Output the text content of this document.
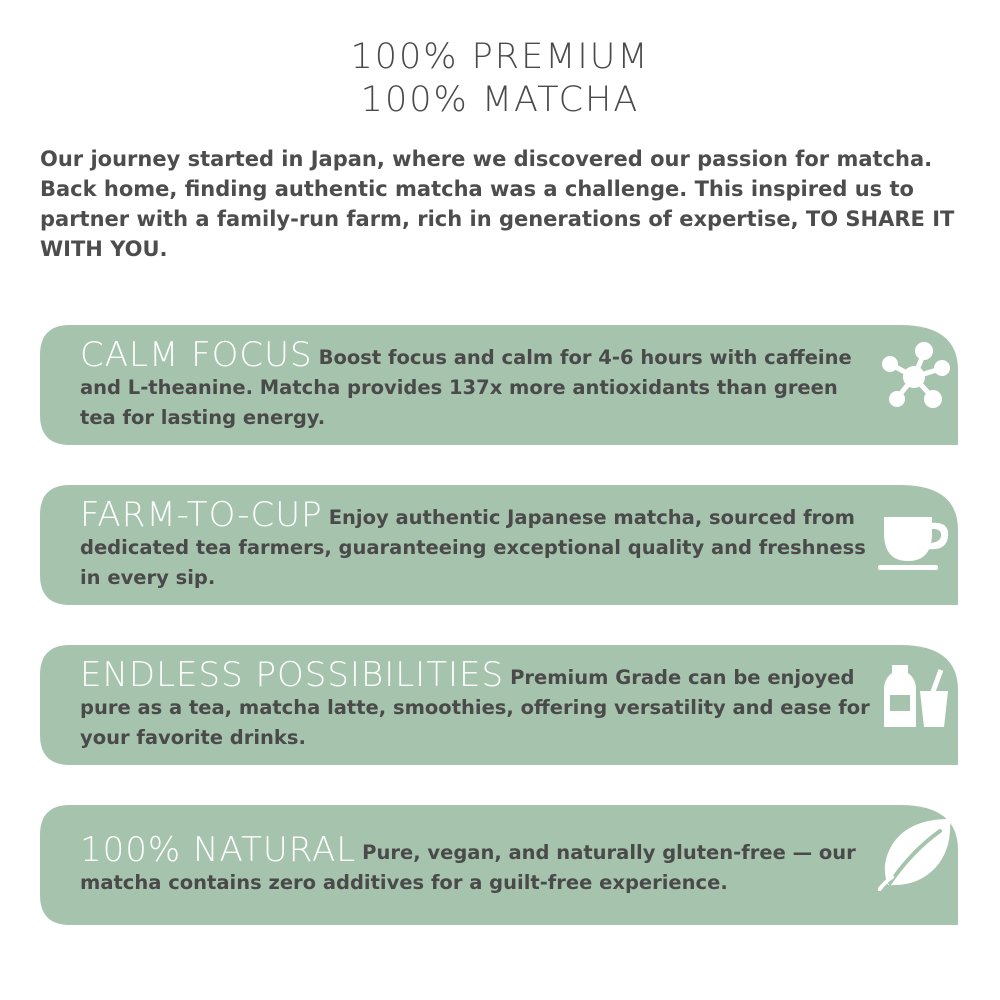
100% PREMIUM
100% MATCHA

Our journey started in Japan, where we discovered our passion for matcha. Back home, finding authentic matcha was a challenge. This inspired us to partner with a family-run farm, rich in generations of expertise, TO SHARE IT WITH YOU.

CALM FOCUS Boost focus and calm for 4-6 hours with caffeine and L-theanine. Matcha provides 137x more antioxidants than green tea for lasting energy.
FARM-TO-CUP Enjoy authentic Japanese matcha, sourced from dedicated tea farmers, guaranteeing exceptional quality and freshness in every sip.
ENDLESS POSSIBILITIES Premium Grade can be enjoyed pure as a tea, matcha latte, smoothies, offering versatility and ease for your favorite drinks.
100% NATURAL Pure, vegan, and naturally gluten-free — our matcha contains zero additives for a guilt-free experience.
